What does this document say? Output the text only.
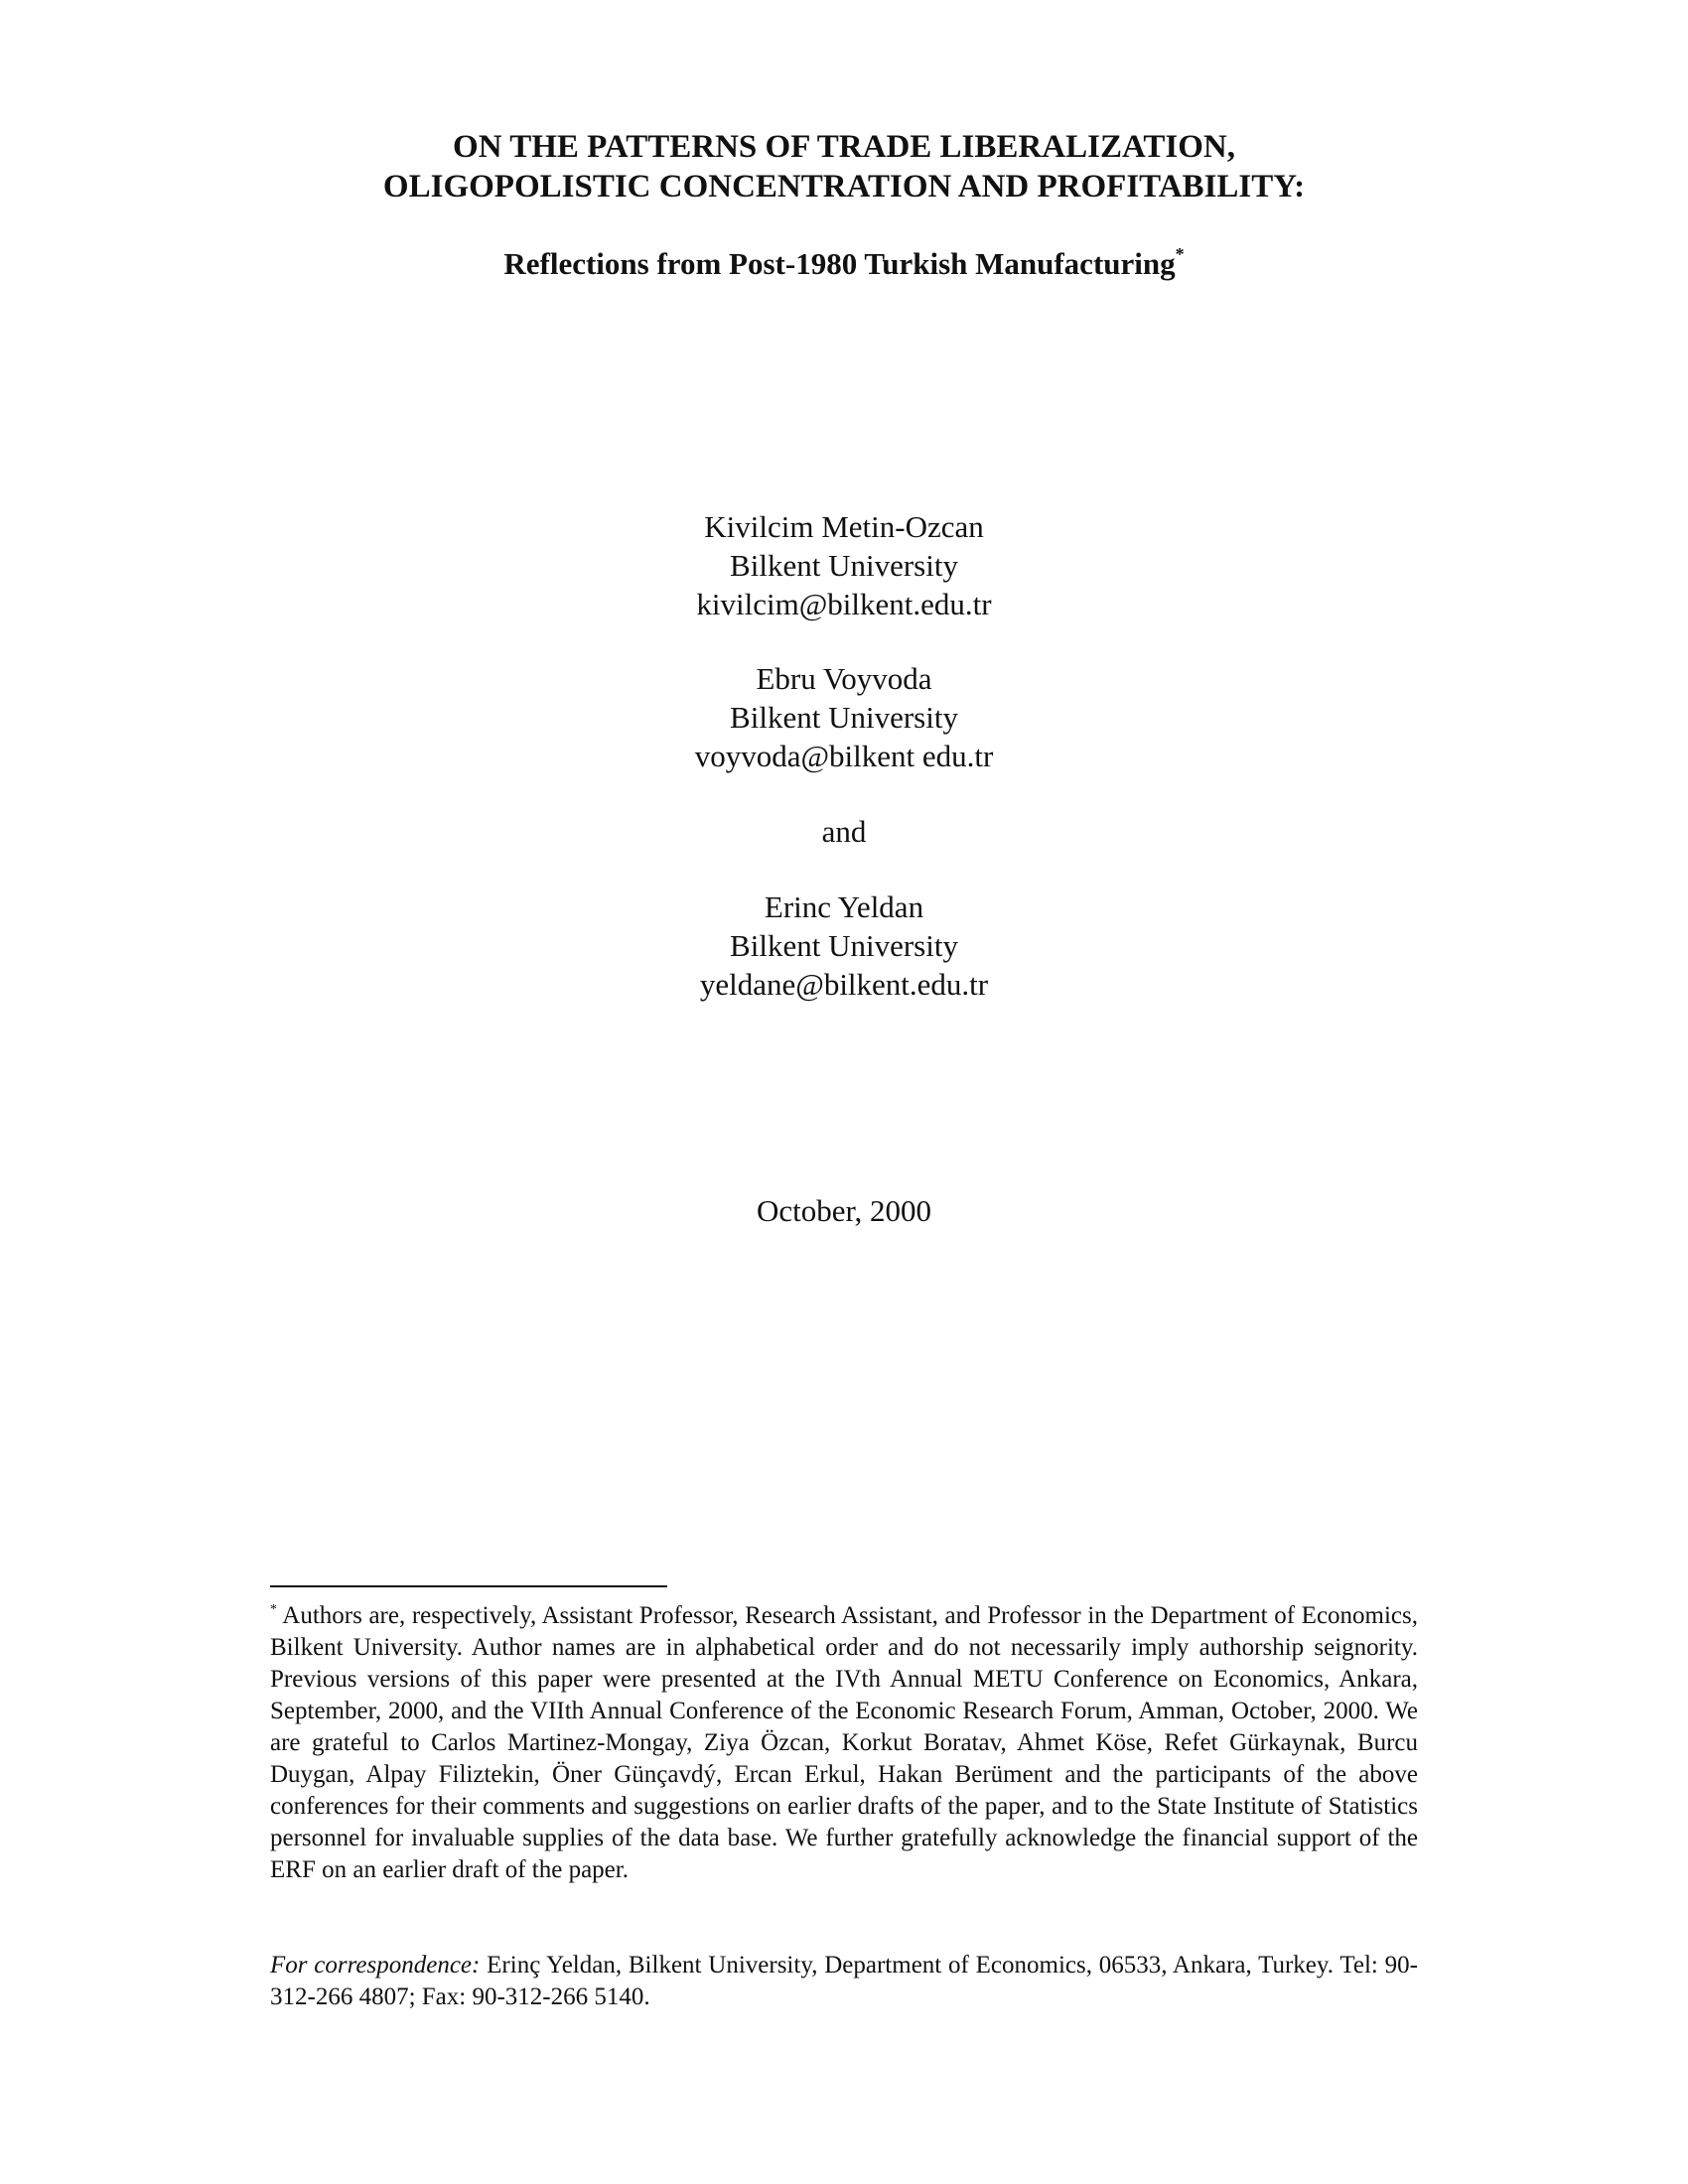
ON THE PATTERNS OF TRADE LIBERALIZATION,
OLIGOPOLISTIC CONCENTRATION AND PROFITABILITY:
Reflections from Post-1980 Turkish Manufacturing*
Kivilcim Metin-Ozcan
Bilkent University
kivilcim@bilkent.edu.tr
Ebru Voyvoda
Bilkent University
voyvoda@bilkent edu.tr
and
Erinc Yeldan
Bilkent University
yeldane@bilkent.edu.tr
October, 2000
* Authors are, respectively, Assistant Professor, Research Assistant, and Professor in the Department of Economics, Bilkent University. Author names are in alphabetical order and do not necessarily imply authorship seignority. Previous versions of this paper were presented at the IVth Annual METU Conference on Economics, Ankara, September, 2000, and the VIIth Annual Conference of the Economic Research Forum, Amman, October, 2000. We are grateful to Carlos Martinez-Mongay, Ziya Özcan, Korkut Boratav, Ahmet Köse, Refet Gürkaynak, Burcu Duygan, Alpay Filiztekin, Öner Günçavdý, Ercan Erkul, Hakan Berüment and the participants of the above conferences for their comments and suggestions on earlier drafts of the paper, and to the State Institute of Statistics personnel for invaluable supplies of the data base. We further gratefully acknowledge the financial support of the ERF on an earlier draft of the paper.
For correspondence: Erinç Yeldan, Bilkent University, Department of Economics, 06533, Ankara, Turkey. Tel: 90-312-266 4807; Fax: 90-312-266 5140.
